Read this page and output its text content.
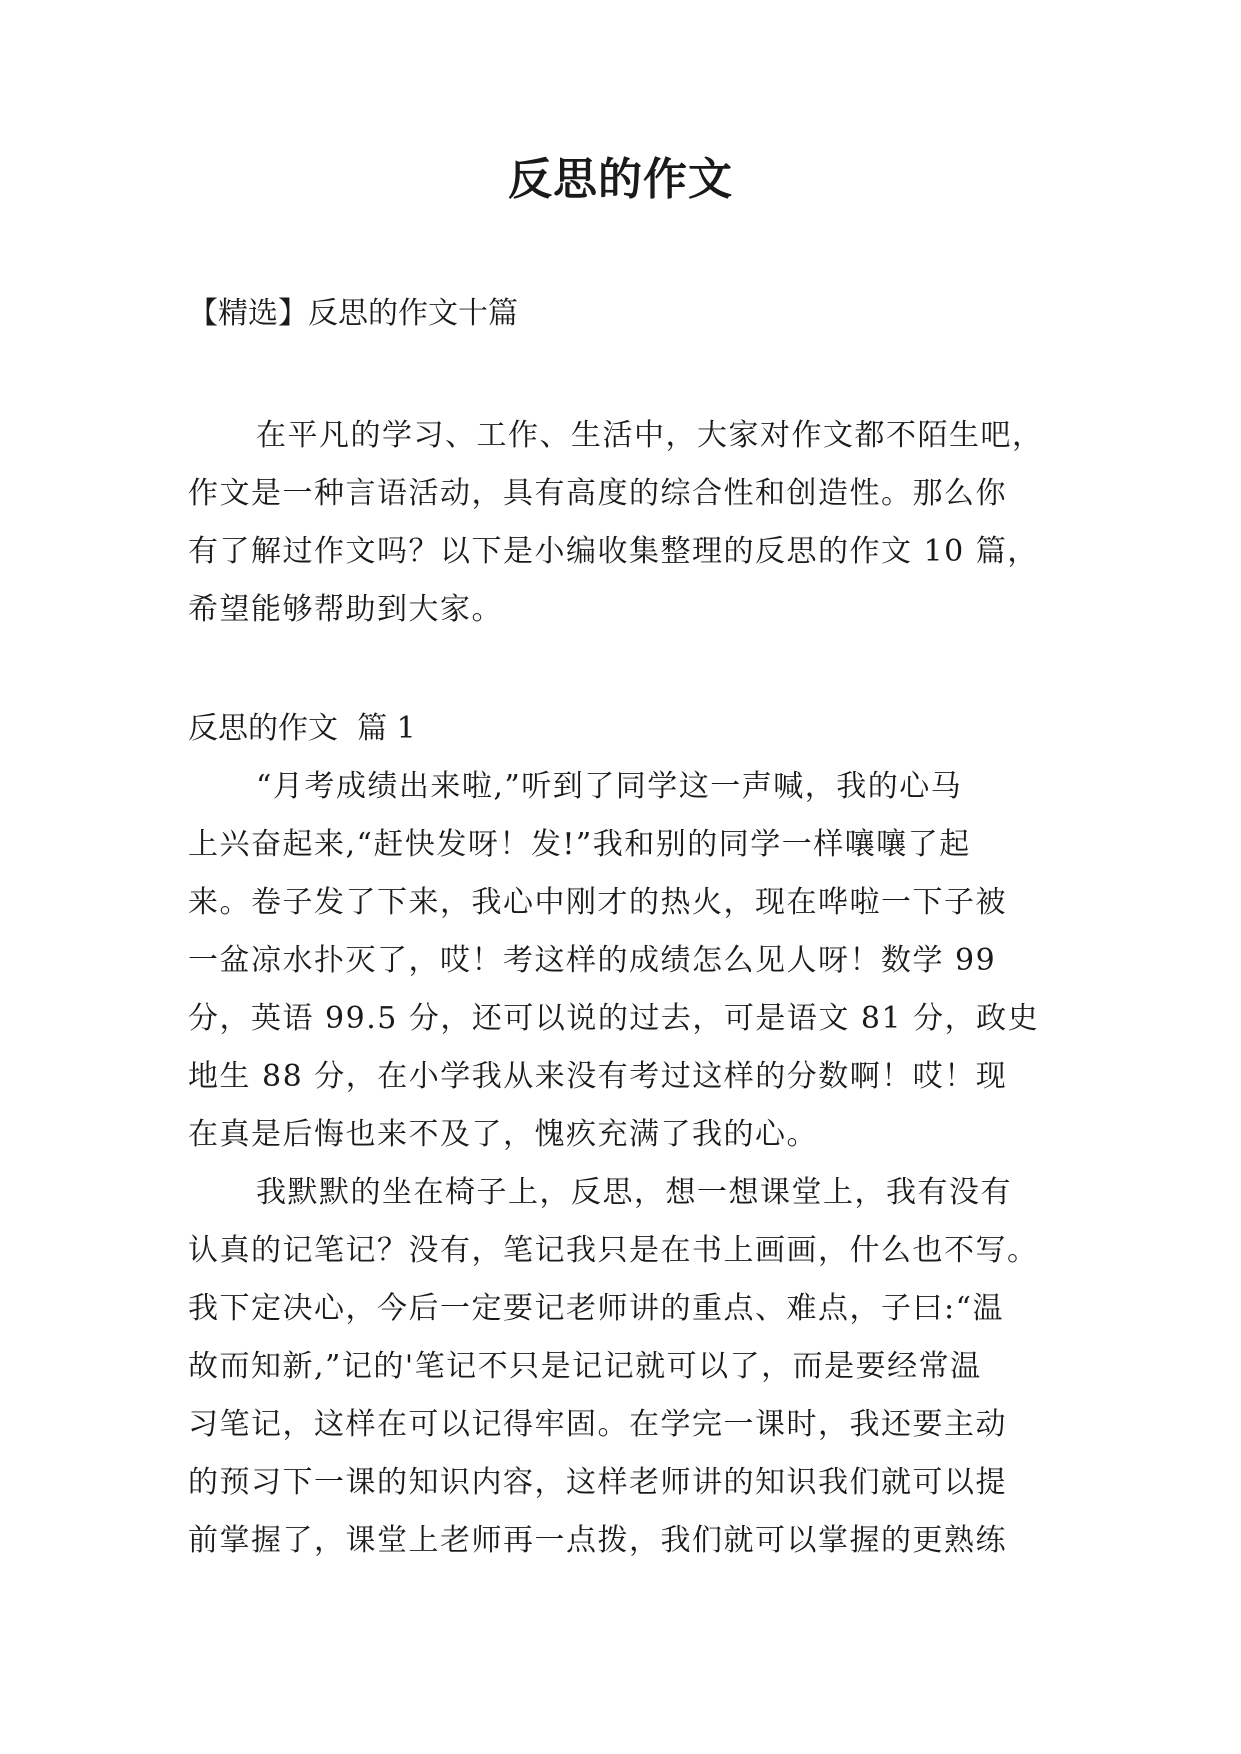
反思的作文
【精选】反思的作文十篇
在平凡的学习、工作、生活中，大家对作文都不陌生吧，
作文是一种言语活动，具有高度的综合性和创造性。那么你
有了解过作文吗？以下是小编收集整理的反思的作文 10 篇，
希望能够帮助到大家。
反思的作文  篇 1
“月考成绩出来啦,”听到了同学这一声喊，我的心马
上兴奋起来,“赶快发呀！发!”我和别的同学一样嚷嚷了起
来。卷子发了下来，我心中刚才的热火，现在哗啦一下子被
一盆凉水扑灭了，哎！考这样的成绩怎么见人呀！数学 99
分，英语 99.5 分，还可以说的过去，可是语文 81 分，政史
地生 88 分，在小学我从来没有考过这样的分数啊！哎！现
在真是后悔也来不及了，愧疚充满了我的心。
我默默的坐在椅子上，反思，想一想课堂上，我有没有
认真的记笔记？没有，笔记我只是在书上画画，什么也不写。
我下定决心，今后一定要记老师讲的重点、难点，子曰:“温
故而知新,”记的'笔记不只是记记就可以了，而是要经常温
习笔记，这样在可以记得牢固。在学完一课时，我还要主动
的预习下一课的知识内容，这样老师讲的知识我们就可以提
前掌握了，课堂上老师再一点拨，我们就可以掌握的更熟练
